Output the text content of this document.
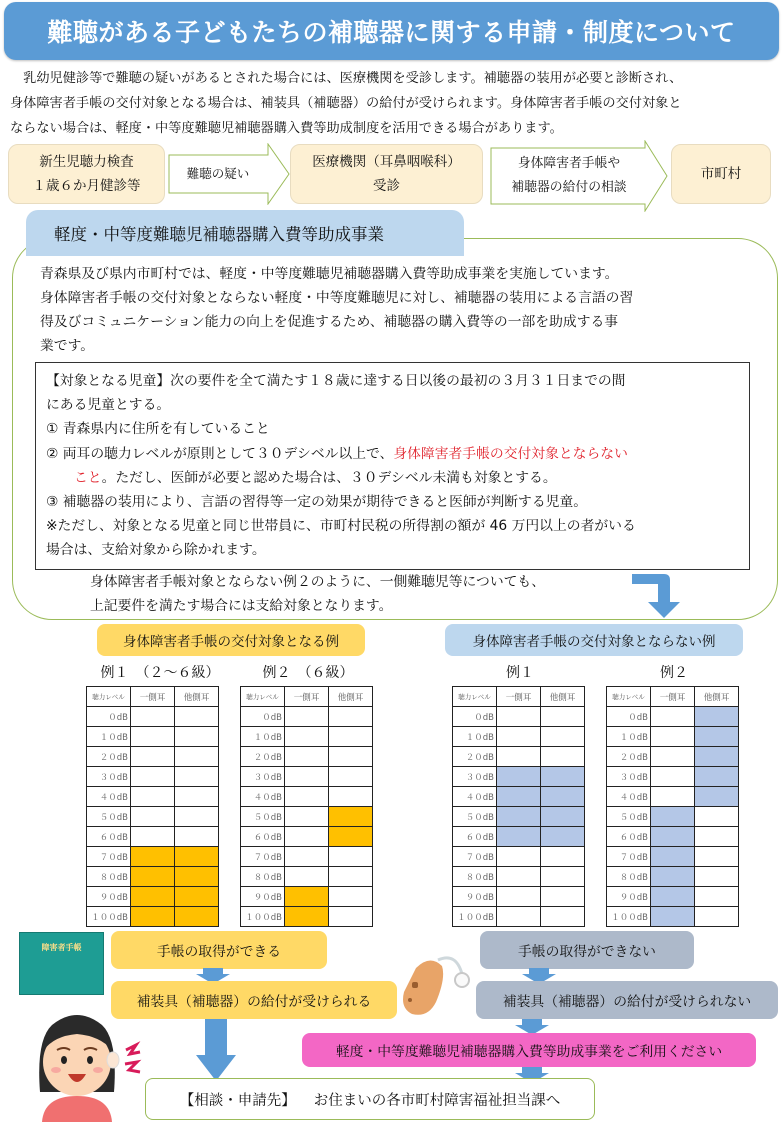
難聴がある子どもたちの補聴器に関する申請・制度について
　乳幼児健診等で難聴の疑いがあるとされた場合には、医療機関を受診します。補聴器の装用が必要と診断され、
身体障害者手帳の交付対象となる場合は、補装具（補聴器）の給付が受けられます。身体障害者手帳の交付対象と
ならない場合は、軽度・中等度難聴児補聴器購入費等助成制度を活用できる場合があります。
新生児聴力検査
１歳６か月健診等
難聴の疑い
医療機関（耳鼻咽喉科）
受診
身体障害者手帳や
補聴器の給付の相談
市町村
軽度・中等度難聴児補聴器購入費等助成事業
青森県及び県内市町村では、軽度・中等度難聴児補聴器購入費等助成事業を実施しています。
身体障害者手帳の交付対象とならない軽度・中等度難聴児に対し、補聴器の装用による言語の習
得及びコミュニケーション能力の向上を促進するため、補聴器の購入費等の一部を助成する事
業です。
【対象となる児童】次の要件を全て満たす１８歳に達する日以後の最初の３月３１日までの間
にある児童とする。
① 青森県内に住所を有していること
② 両耳の聴力レベルが原則として３０デシベル以上で、身体障害者手帳の交付対象とならない
こと。ただし、医師が必要と認めた場合は、３０デシベル未満も対象とする。
③ 補聴器の装用により、言語の習得等一定の効果が期待できると医師が判断する児童。
※ただし、対象となる児童と同じ世帯員に、市町村民税の所得割の額が 46 万円以上の者がいる
場合は、支給対象から除かれます。
身体障害者手帳対象とならない例２のように、一側難聴児等についても、
上記要件を満たす場合には支給対象となります。
身体障害者手帳の交付対象となる例	身体障害者手帳の交付対象とならない例
例１　（２～６級）	例２　（６級）	例１	例２
聴力レベル	一側耳	他側耳
０dB		
１０dB		
２０dB		
３０dB		
４０dB		
５０dB		
６０dB		
７０dB		
８０dB		
９０dB		
１００dB		
聴力レベル	一側耳	他側耳
０dB		
１０dB		
２０dB		
３０dB		
４０dB		
５０dB		
６０dB		
７０dB		
８０dB		
９０dB		
１００dB		
聴力レベル	一側耳	他側耳
０dB		
１０dB		
２０dB		
３０dB		
４０dB		
５０dB		
６０dB		
７０dB		
８０dB		
９０dB		
１００dB		
聴力レベル	一側耳	他側耳
０dB		
１０dB		
２０dB		
３０dB		
４０dB		
５０dB		
６０dB		
７０dB		
８０dB		
９０dB		
１００dB		
障害者手帳	手帳の取得ができる
補装具（補聴器）の給付が受けられる
手帳の取得ができない
補装具（補聴器）の給付が受けられない
軽度・中等度難聴児補聴器購入費等助成事業をご利用ください
【相談・申請先】 お住まいの各市町村障害福祉担当課へ
